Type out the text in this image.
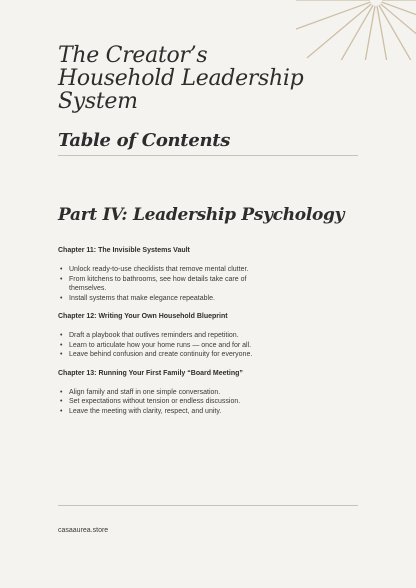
The Creator’s
Household Leadership
System
Table of Contents
Part IV: Leadership Psychology
Chapter 11: The Invisible Systems Vault
• Unlock ready-to-use checklists that remove mental clutter.
• From kitchens to bathrooms, see how details take care of themselves.
• Install systems that make elegance repeatable.
Chapter 12: Writing Your Own Household Blueprint
• Draft a playbook that outlives reminders and repetition.
• Learn to articulate how your home runs — once and for all.
• Leave behind confusion and create continuity for everyone.
Chapter 13: Running Your First Family “Board Meeting”
• Align family and staff in one simple conversation.
• Set expectations without tension or endless discussion.
• Leave the meeting with clarity, respect, and unity.
casaaurea.store
